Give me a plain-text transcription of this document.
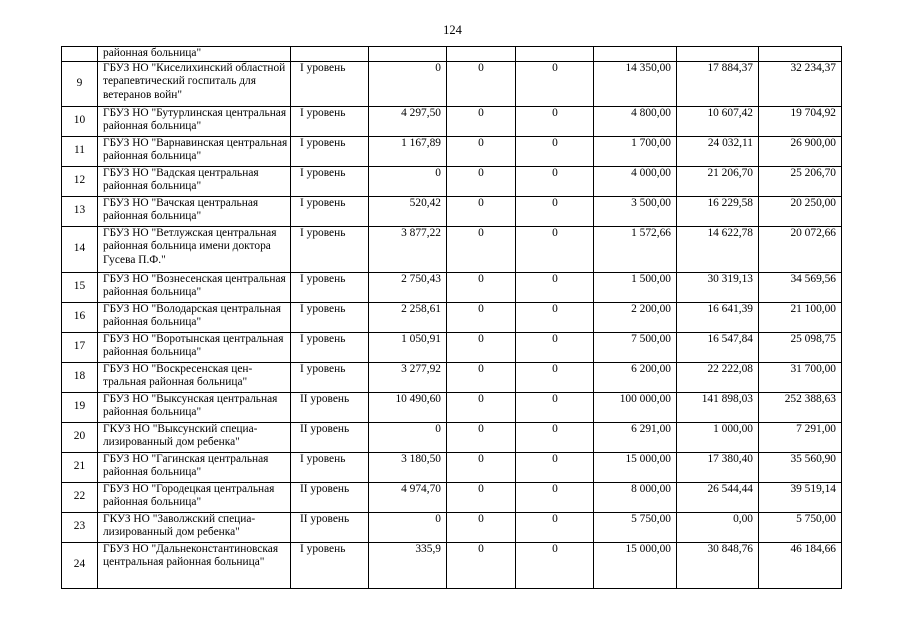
124
	районная больница"							
9	ГБУЗ НО "Киселихинский областной терапевтический госпиталь для ветеранов войн"	I уровень	0	0	0	14 350,00	17 884,37	32 234,37
10	ГБУЗ НО "Бутурлинская центральная районная больница"	I уровень	4 297,50	0	0	4 800,00	10 607,42	19 704,92
11	ГБУЗ НО "Варнавинская центральная районная больница"	I уровень	1 167,89	0	0	1 700,00	24 032,11	26 900,00
12	ГБУЗ НО "Вадская центральная районная больница"	I уровень	0	0	0	4 000,00	21 206,70	25 206,70
13	ГБУЗ НО "Вачская центральная районная больница"	I уровень	520,42	0	0	3 500,00	16 229,58	20 250,00
14	ГБУЗ НО "Ветлужская центральная районная больница имени доктора Гусева П.Ф."	I уровень	3 877,22	0	0	1 572,66	14 622,78	20 072,66
15	ГБУЗ НО "Вознесенская центральная районная больница"	I уровень	2 750,43	0	0	1 500,00	30 319,13	34 569,56
16	ГБУЗ НО "Володарская центральная районная больница"	I уровень	2 258,61	0	0	2 200,00	16 641,39	21 100,00
17	ГБУЗ НО "Воротынская центральная районная больница"	I уровень	1 050,91	0	0	7 500,00	16 547,84	25 098,75
18	ГБУЗ НО "Воскресенская центральная районная больница"	I уровень	3 277,92	0	0	6 200,00	22 222,08	31 700,00
19	ГБУЗ НО "Выксунская центральная районная больница"	II уровень	10 490,60	0	0	100 000,00	141 898,03	252 388,63
20	ГКУЗ НО "Выксунский специализированный дом ребенка"	II уровень	0	0	0	6 291,00	1 000,00	7 291,00
21	ГБУЗ НО "Гагинская центральная районная больница"	I уровень	3 180,50	0	0	15 000,00	17 380,40	35 560,90
22	ГБУЗ НО "Городецкая центральная районная больница"	II уровень	4 974,70	0	0	8 000,00	26 544,44	39 519,14
23	ГКУЗ НО "Заволжский специализированный дом ребенка"	II уровень	0	0	0	5 750,00	0,00	5 750,00
24	ГБУЗ НО "Дальнеконстантиновская центральная районная больница"	I уровень	335,9	0	0	15 000,00	30 848,76	46 184,66
